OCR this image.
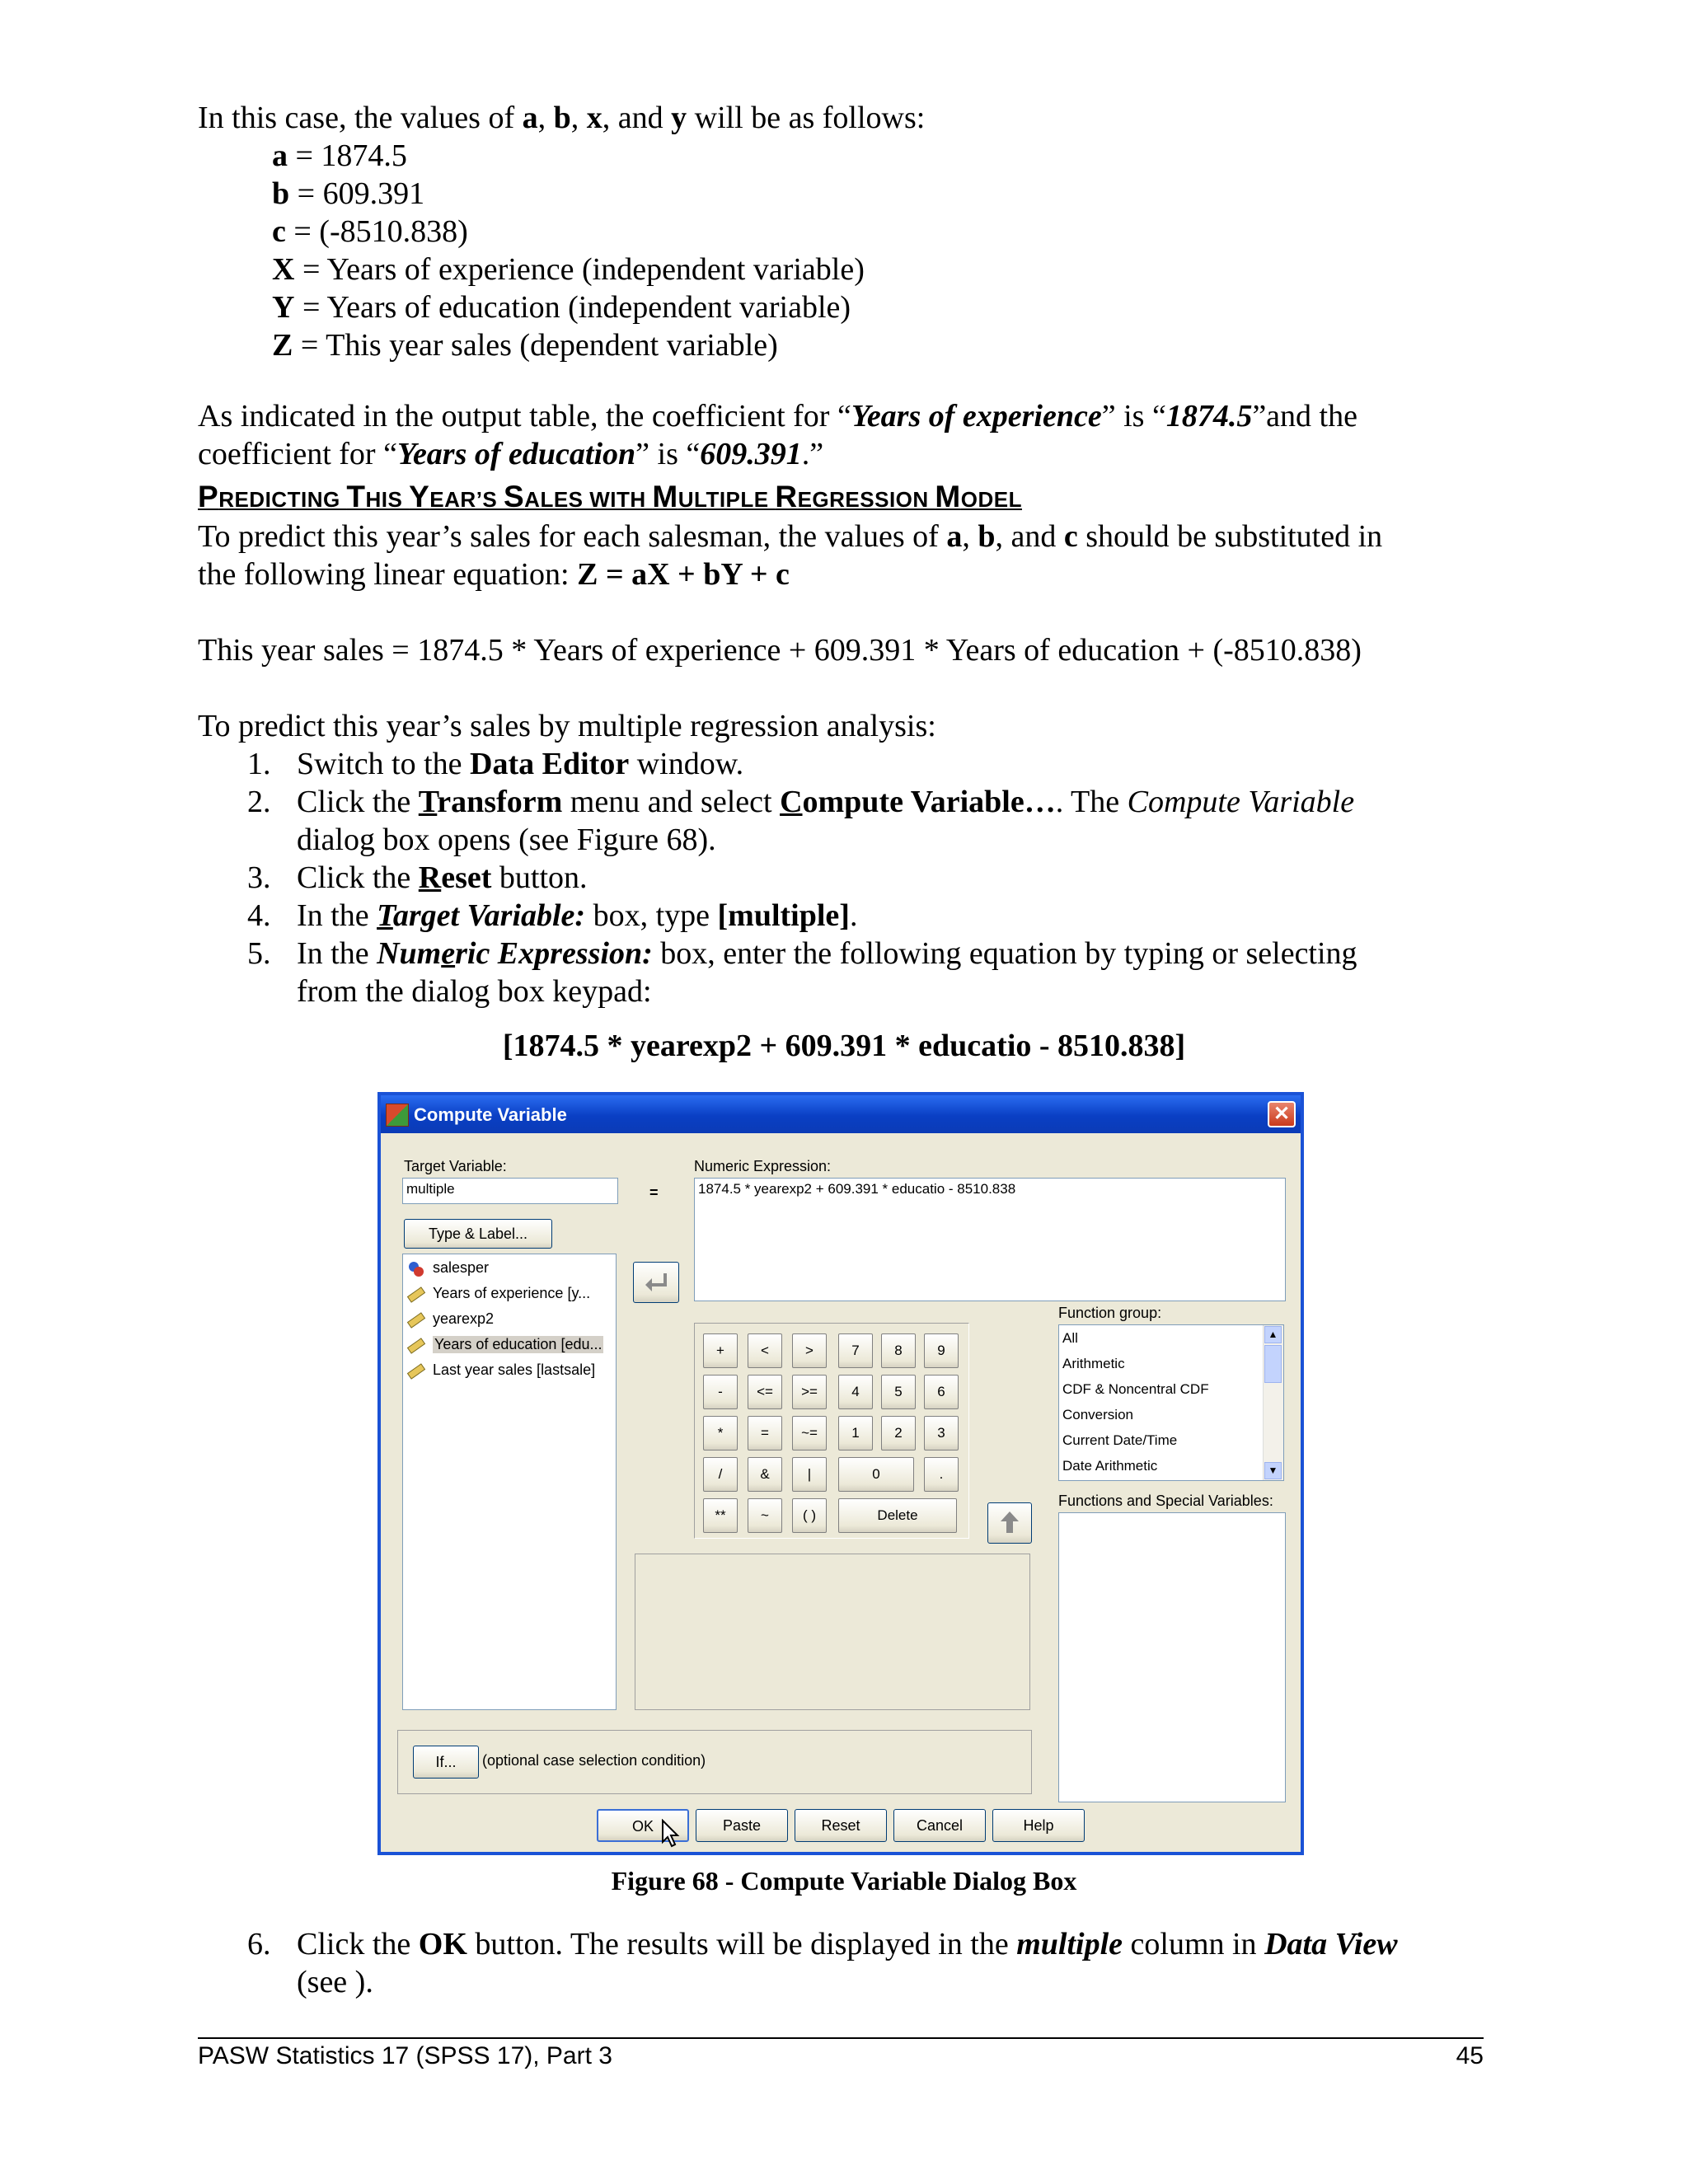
In this case, the values of a, b, x, and y will be as follows:
a = 1874.5
b = 609.391
c = (-8510.838)
X = Years of experience (independent variable)
Y = Years of education (independent variable)
Z = This year sales (dependent variable)
As indicated in the output table, the coefficient for “Years of experience” is “1874.5”and the
coefficient for “Years of education” is “609.391.”
PREDICTING THIS YEAR’S SALES WITH MULTIPLE REGRESSION MODEL
To predict this year’s sales for each salesman, the values of a, b, and c should be substituted in
the following linear equation: Z = aX + bY + c
This year sales = 1874.5 * Years of experience + 609.391 * Years of education + (-8510.838)
To predict this year’s sales by multiple regression analysis:
1. Switch to the Data Editor window.
2. Click the Transform menu and select Compute Variable…. The Compute Variable
dialog box opens (see Figure 68).
3. Click the Reset button.
4. In the Target Variable: box, type [multiple].
5. In the Numeric Expression: box, enter the following equation by typing or selecting
from the dialog box keypad:
[1874.5 * yearexp2 + 609.391 * educatio - 8510.838]
Compute Variable	✕
Target Variable:
multiple	=
Numeric Expression:
1874.5 * yearexp2 + 609.391 * educatio - 8510.838
Type & Label...
salesper
Years of experience [y...
yearexp2
Years of education [edu...
Last year sales [lastsale]
+	<	>	7	8	9
-	<=	>=	4	5	6
*	=	~=	1	2	3
/	&	|	0	.
**	~	( )	Delete
Function group:
All
Arithmetic
CDF & Noncentral CDF
Conversion
Current Date/Time
Date Arithmetic
▲
▼
Functions and Special Variables:
If...	(optional case selection condition)
OK	Paste	Reset	Cancel	Help
Figure 68 - Compute Variable Dialog Box
6. Click the OK button. The results will be displayed in the multiple column in Data View
(see ).
PASW Statistics 17 (SPSS 17), Part 3	45
